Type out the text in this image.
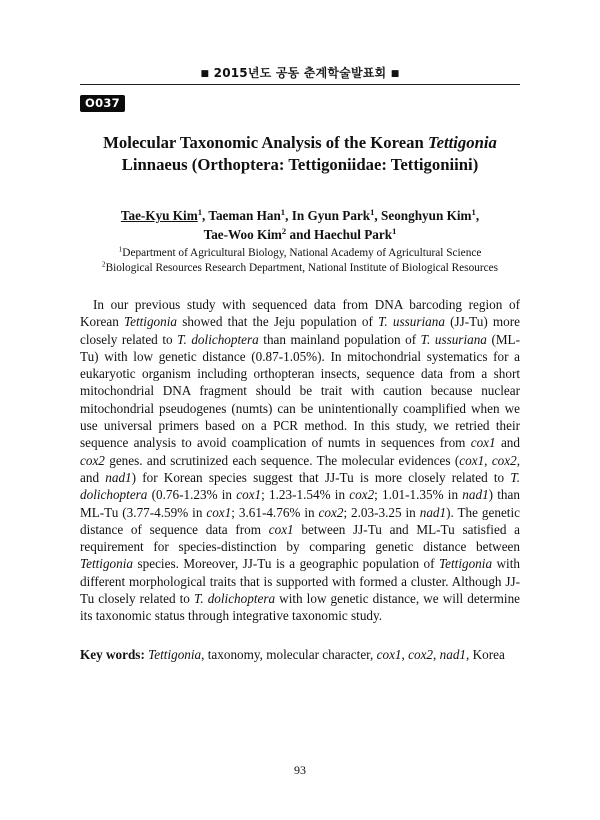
■ 2015년도 공동 춘계학술발표회 ■
O037
Molecular Taxonomic Analysis of the Korean Tettigonia
Linnaeus (Orthoptera: Tettigoniidae: Tettigoniini)
Tae-Kyu Kim$^1$, Taeman Han$^1$, In Gyun Park$^1$, Seonghyun Kim$^1$,
Tae-Woo Kim$^2$ and Haechul Park$^1$
$^1$Department of Agricultural Biology, National Academy of Agricultural Science
$^2$Biological Resources Research Department, National Institute of Biological Resources
In our previous study with sequenced data from DNA barcoding region of Korean Tettigonia showed that the Jeju population of T. ussuriana (JJ-Tu) more closely related to T. dolichoptera than mainland population of T. ussuriana (ML-Tu) with low genetic distance (0.87-1.05%). In mitochondrial systematics for a eukaryotic organism including orthopteran insects, sequence data from a short mitochondrial DNA fragment should be trait with caution because nuclear mitochondrial pseudogenes (numts) can be unintentionally coamplified when we use universal primers based on a PCR method. In this study, we retried their sequence analysis to avoid coamplication of numts in sequences from cox1 and cox2 genes. and scrutinized each sequence. The molecular evidences (cox1, cox2, and nad1) for Korean species suggest that JJ-Tu is more closely related to T. dolichoptera (0.76-1.23% in cox1; 1.23-1.54% in cox2; 1.01-1.35% in nad1) than ML-Tu (3.77-4.59% in cox1; 3.61-4.76% in cox2; 2.03-3.25 in nad1). The genetic distance of sequence data from cox1 between JJ-Tu and ML-Tu satisfied a requirement for species-distinction by comparing genetic distance between Tettigonia species. Moreover, JJ-Tu is a geographic population of Tettigonia with different morphological traits that is supported with formed a cluster. Although JJ-Tu closely related to T. dolichoptera with low genetic distance, we will determine its taxonomic status through integrative taxonomic study.
Key words: Tettigonia, taxonomy, molecular character, cox1, cox2, nad1, Korea
93
